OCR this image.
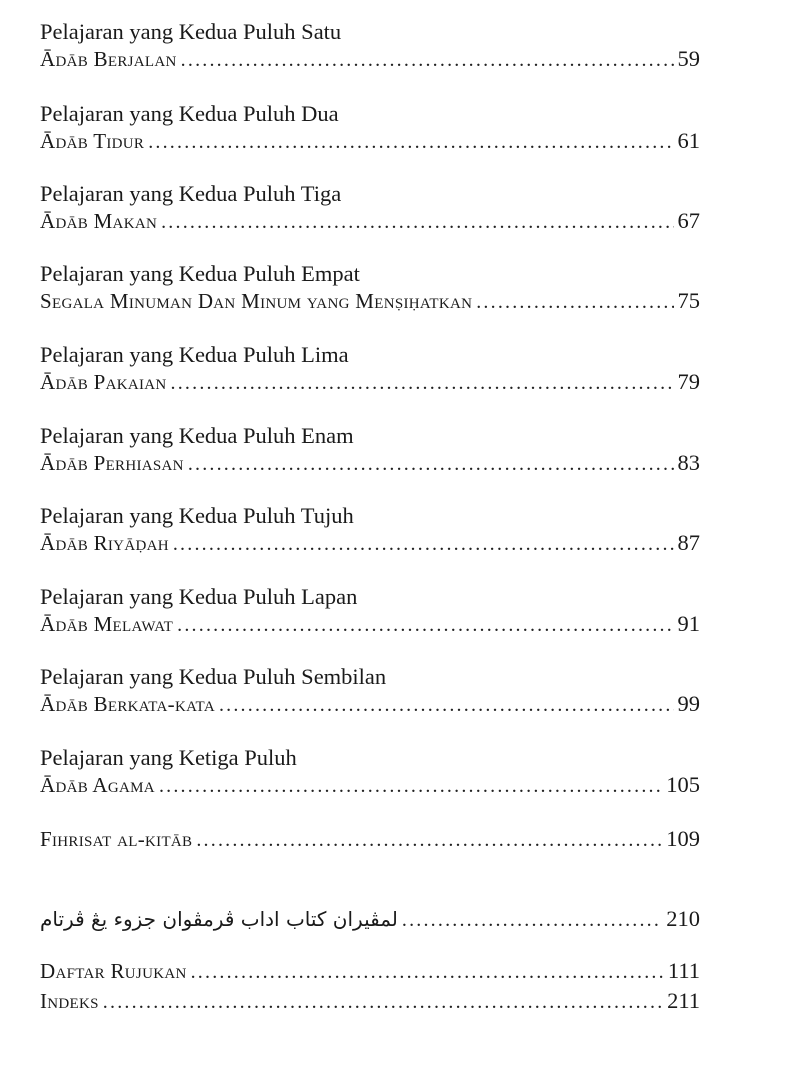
Pelajaran yang Kedua Puluh Satu
Ādāb Berjalan .....	59
Pelajaran yang Kedua Puluh Dua
Ādāb Tidur .....	61
Pelajaran yang Kedua Puluh Tiga
Ādāb Makan .....	67
Pelajaran yang Kedua Puluh Empat
Segala Minuman Dan Minum yang Menṣiḥatkan .....	75
Pelajaran yang Kedua Puluh Lima
Ādāb Pakaian .....	79
Pelajaran yang Kedua Puluh Enam
Ādāb Perhiasan .....	83
Pelajaran yang Kedua Puluh Tujuh
Ādāb Riyāḍah .....	87
Pelajaran yang Kedua Puluh Lapan
Ādāb Melawat .....	91
Pelajaran yang Kedua Puluh Sembilan
Ādāb Berkata-kata .....	99
Pelajaran yang Ketiga Puluh
Ādāb Agama .....	105
Fihrisat al-kitāb .....	109
لمڤيران كتاب اداب ڤرمڤوان جزوء يڠ ڤرتام .....	210
Daftar Rujukan .....	111
Indeks .....	211
